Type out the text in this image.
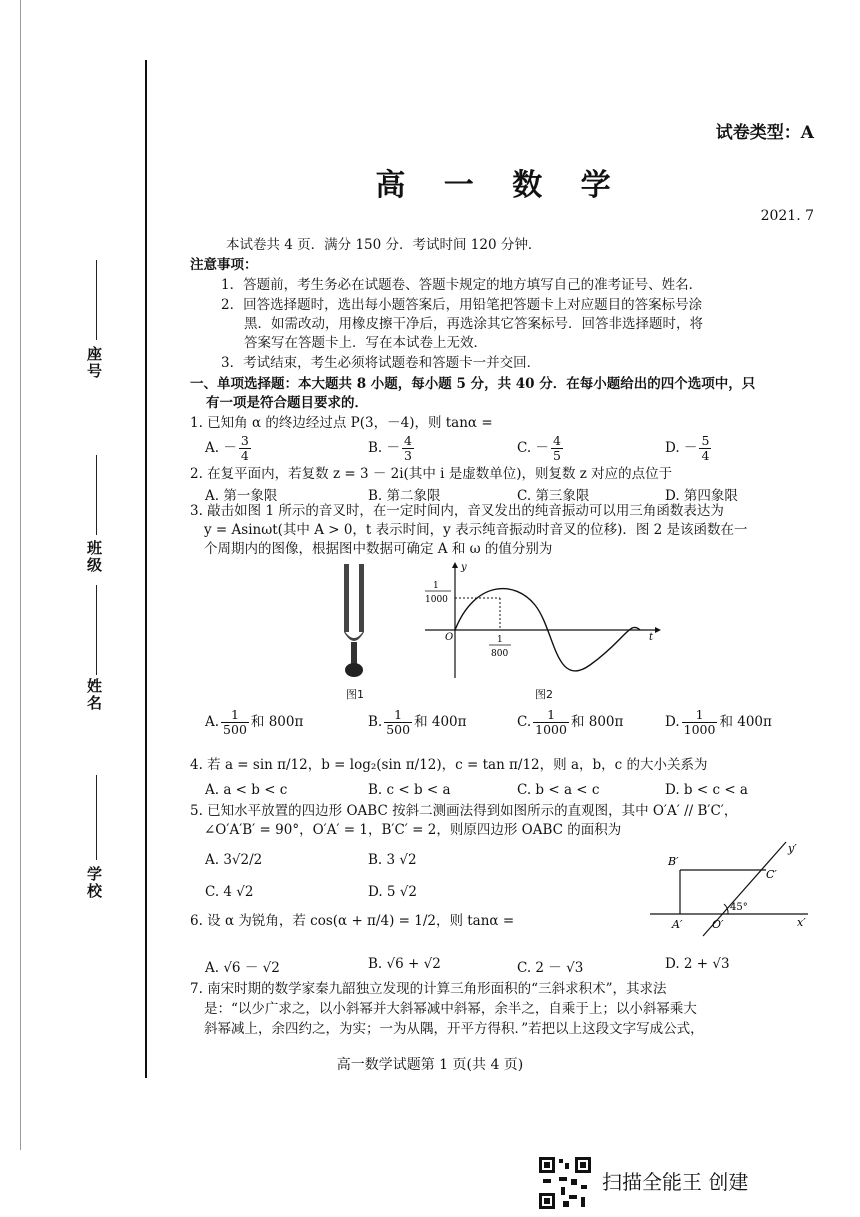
座号
班级
姓名
学校
试卷类型：A
高 一 数 学
2021. 7
本试卷共 4 页．满分 150 分．考试时间 120 分钟．
注意事项：
1．答题前，考生务必在试题卷、答题卡规定的地方填写自己的准考证号、姓名．
2．回答选择题时，选出每小题答案后，用铅笔把答题卡上对应题目的答案标号涂
黑．如需改动，用橡皮擦干净后，再选涂其它答案标号．回答非选择题时，将
答案写在答题卡上．写在本试卷上无效．
3．考试结束，考生必须将试题卷和答题卡一并交回．
一、单项选择题：本大题共 8 小题，每小题 5 分，共 40 分．在每小题给出的四个选项中，只
有一项是符合题目要求的．
1. 已知角 α 的终边经过点 P(3，－4)，则 tanα =
A. － $\frac{3}{4}$	B. － $\frac{4}{3}$	C. － $\frac{4}{5}$	D. － $\frac{5}{4}$
2. 在复平面内，若复数 z = 3 － 2i(其中 i 是虚数单位)，则复数 z 对应的点位于
A. 第一象限	B. 第二象限	C. 第三象限	D. 第四象限
3. 敲击如图 1 所示的音叉时，在一定时间内，音叉发出的纯音振动可以用三角函数表达为
y = Asinωt(其中 A > 0，t 表示时间，y 表示纯音振动时音叉的位移)．图 2 是该函数在一
个周期内的图像，根据图中数据可确定 A 和 ω 的值分别为
图1
y
t
O
1
1000
1
800
图2
A. $\frac{1}{500}$ 和 800π	B. $\frac{1}{500}$ 和 400π	C. $\frac{1}{1000}$ 和 800π	D. $\frac{1}{1000}$ 和 400π
4. 若 a = sin π/12，b = log₂(sin π/12)，c = tan π/12，则 a，b，c 的大小关系为
A. a < b < c	B. c < b < a	C. b < a < c	D. b < c < a
5. 已知水平放置的四边形 OABC 按斜二测画法得到如图所示的直观图，其中 O′A′ // B′C′，
∠O′A′B′ = 90°，O′A′ = 1，B′C′ = 2，则原四边形 OABC 的面积为
A. 3√2/2	B. 3 √2
C. 4 √2	D. 5 √2
B′
C′
A′	O′	x′
y′
45°
6. 设 α 为锐角，若 cos(α + π/4) = 1/2，则 tanα =
A. √6 － √2	B. √6 + √2	C. 2 － √3	D. 2 + √3
7. 南宋时期的数学家秦九韶独立发现的计算三角形面积的“三斜求积术”，其求法
是：“以少广求之，以小斜幂并大斜幂减中斜幂，余半之，自乘于上；以小斜幂乘大
斜幂减上，余四约之，为实；一为从隅，开平方得积．”若把以上这段文字写成公式，
高一数学试题第 1 页(共 4 页)
扫描全能王 创建
